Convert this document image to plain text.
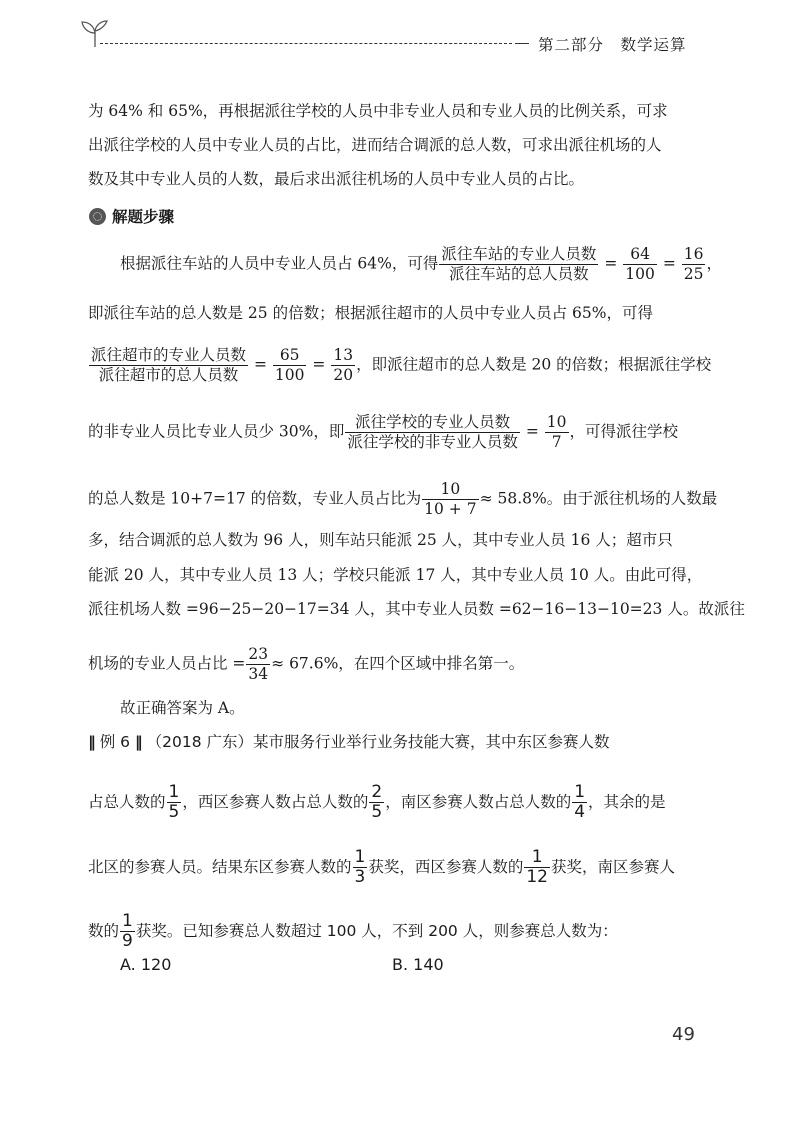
第二部分　数学运算
为 64% 和 65%，再根据派往学校的人员中非专业人员和专业人员的比例关系，可求
出派往学校的人员中专业人员的占比，进而结合调派的总人数，可求出派往机场的人
数及其中专业人员的人数，最后求出派往机场的人员中专业人员的占比。
解题步骤
根据派往车站的人员中专业人员占 64%，可得 $\frac{\text{派往车站的专业人员数}}{\text{派往车站的总人员数}} = \frac{64}{100} = \frac{16}{25}$ ，
即派往车站的总人数是 25 的倍数；根据派往超市的人员中专业人员占 65%，可得
$\frac{\text{派往超市的专业人员数}}{\text{派往超市的总人员数}} = \frac{65}{100} = \frac{13}{20}$ ，即派往超市的总人数是 20 的倍数；根据派往学校
的非专业人员比专业人员少 30%，即 $\frac{\text{派往学校的专业人员数}}{\text{派往学校的非专业人员数}} = \frac{10}{7}$ ，可得派往学校
的总人数是 10+7=17 的倍数，专业人员占比为 $\frac{10}{10 + 7} \approx 58.8\%$。由于派往机场的人数最
多，结合调派的总人数为 96 人，则车站只能派 25 人，其中专业人员 16 人；超市只
能派 20 人，其中专业人员 13 人；学校只能派 17 人，其中专业人员 10 人。由此可得，
派往机场人数 =96−25−20−17=34 人，其中专业人员数 =62−16−13−10=23 人。故派往
机场的专业人员占比 = $\frac{23}{34} \approx 67.6\%$，在四个区域中排名第一。
故正确答案为 A。
‖ 例 6 ‖ （2018 广东）某市服务行业举行业务技能大赛，其中东区参赛人数
占总人数的 $\frac{1}{5}$ ，西区参赛人数占总人数的 $\frac{2}{5}$ ，南区参赛人数占总人数的 $\frac{1}{4}$ ，其余的是
北区的参赛人员。结果东区参赛人数的 $\frac{1}{3}$ 获奖，西区参赛人数的 $\frac{1}{12}$ 获奖，南区参赛人
数的 $\frac{1}{9}$ 获奖。已知参赛总人数超过 100 人，不到 200 人，则参赛总人数为：
A. 120	B. 140
49
